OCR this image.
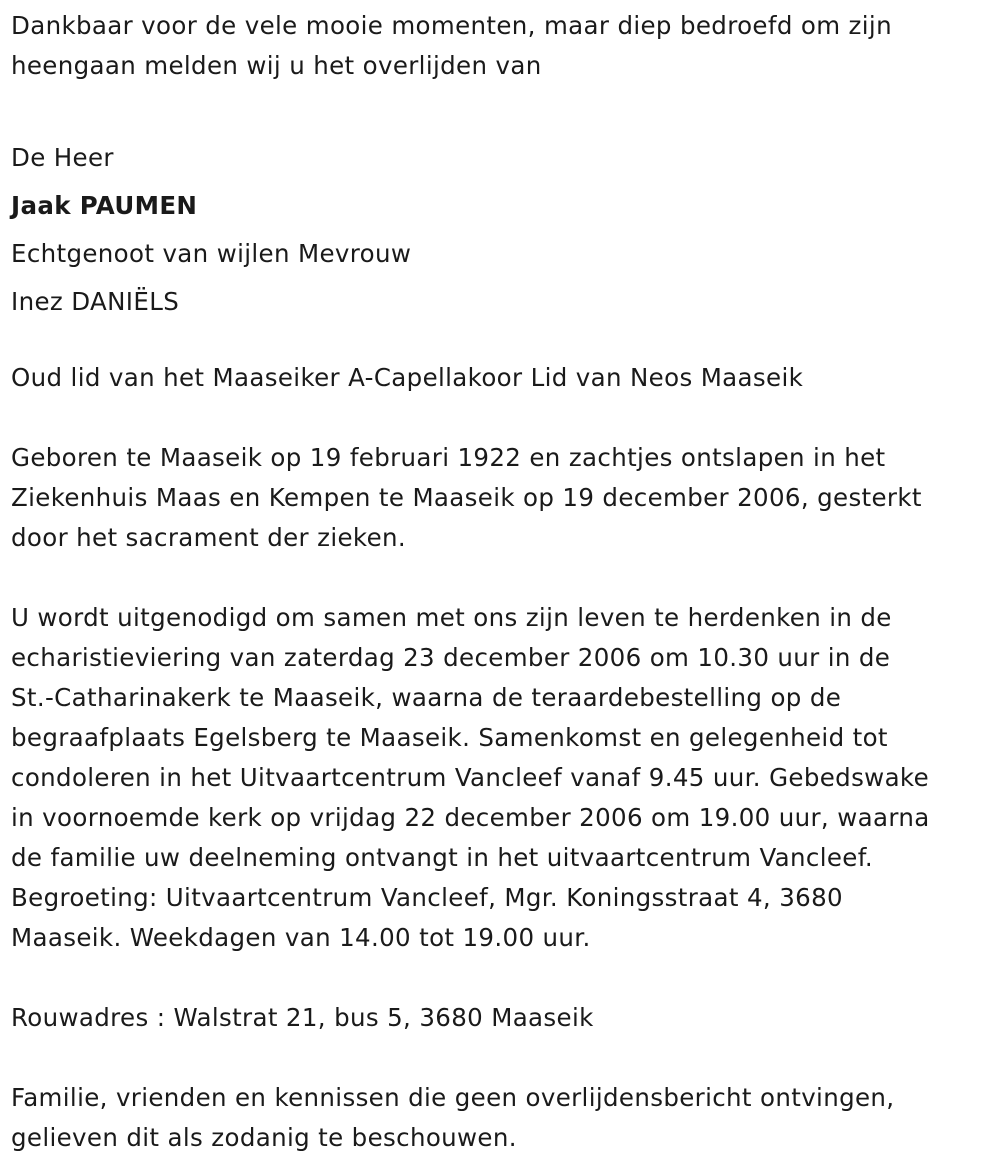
Dankbaar voor de vele mooie momenten, maar diep bedroefd om zijn

heengaan melden wij u het overlijden van

De Heer

Jaak PAUMEN

Echtgenoot van wijlen Mevrouw

Inez DANIËLS

Oud lid van het Maaseiker A-Capellakoor Lid van Neos Maaseik

Geboren te Maaseik op 19 februari 1922 en zachtjes ontslapen in het

Ziekenhuis Maas en Kempen te Maaseik op 19 december 2006, gesterkt

door het sacrament der zieken.

U wordt uitgenodigd om samen met ons zijn leven te herdenken in de

echaristieviering van zaterdag 23 december 2006 om 10.30 uur in de

St.-Catharinakerk te Maaseik, waarna de teraardebestelling op de

begraafplaats Egelsberg te Maaseik. Samenkomst en gelegenheid tot

condoleren in het Uitvaartcentrum Vancleef vanaf 9.45 uur. Gebedswake

in voornoemde kerk op vrijdag 22 december 2006 om 19.00 uur, waarna

de familie uw deelneming ontvangt in het uitvaartcentrum Vancleef.

Begroeting: Uitvaartcentrum Vancleef, Mgr. Koningsstraat 4, 3680

Maaseik. Weekdagen van 14.00 tot 19.00 uur.

Rouwadres : Walstrat 21, bus 5, 3680 Maaseik

Familie, vrienden en kennissen die geen overlijdensbericht ontvingen,

gelieven dit als zodanig te beschouwen.
